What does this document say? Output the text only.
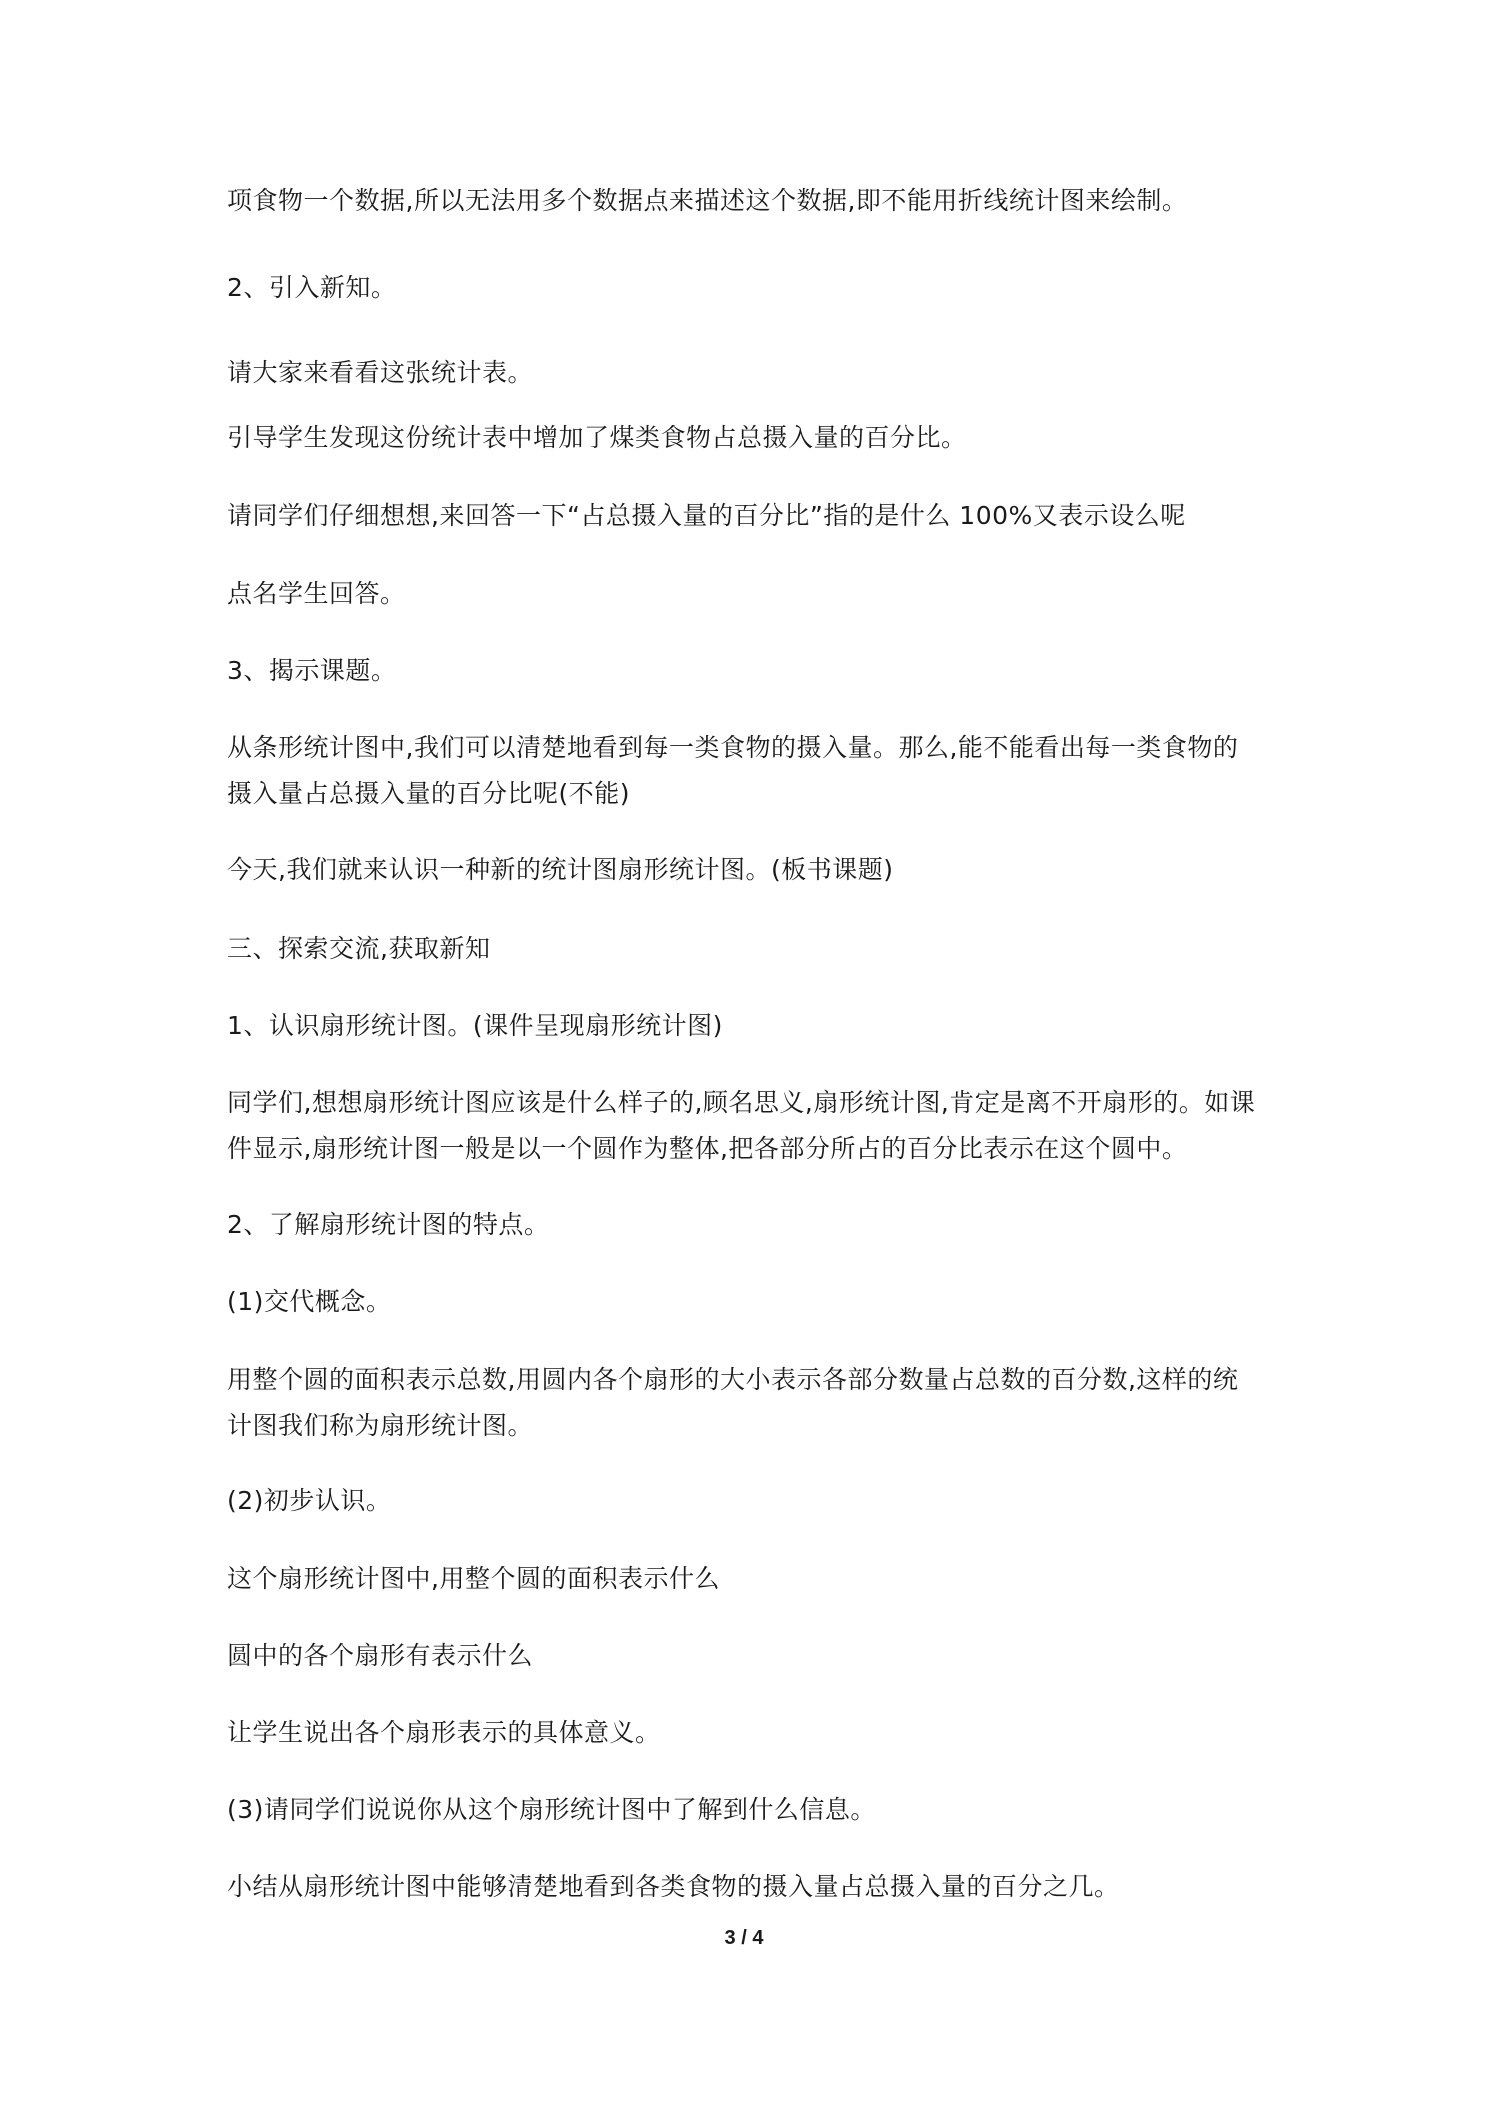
项食物一个数据,所以无法用多个数据点来描述这个数据,即不能用折线统计图来绘制。

2、引入新知。

请大家来看看这张统计表。

引导学生发现这份统计表中增加了煤类食物占总摄入量的百分比。

请同学们仔细想想,来回答一下“占总摄入量的百分比”指的是什么 100%又表示设么呢

点名学生回答。

3、揭示课题。

从条形统计图中,我们可以清楚地看到每一类食物的摄入量。那么,能不能看出每一类食物的
摄入量占总摄入量的百分比呢(不能)

今天,我们就来认识一种新的统计图扇形统计图。(板书课题)

三、探索交流,获取新知

1、认识扇形统计图。(课件呈现扇形统计图)

同学们,想想扇形统计图应该是什么样子的,顾名思义,扇形统计图,肯定是离不开扇形的。如课
件显示,扇形统计图一般是以一个圆作为整体,把各部分所占的百分比表示在这个圆中。

2、了解扇形统计图的特点。

(1)交代概念。

用整个圆的面积表示总数,用圆内各个扇形的大小表示各部分数量占总数的百分数,这样的统
计图我们称为扇形统计图。

(2)初步认识。

这个扇形统计图中,用整个圆的面积表示什么

圆中的各个扇形有表示什么

让学生说出各个扇形表示的具体意义。

(3)请同学们说说你从这个扇形统计图中了解到什么信息。

小结从扇形统计图中能够清楚地看到各类食物的摄入量占总摄入量的百分之几。

3 / 4
